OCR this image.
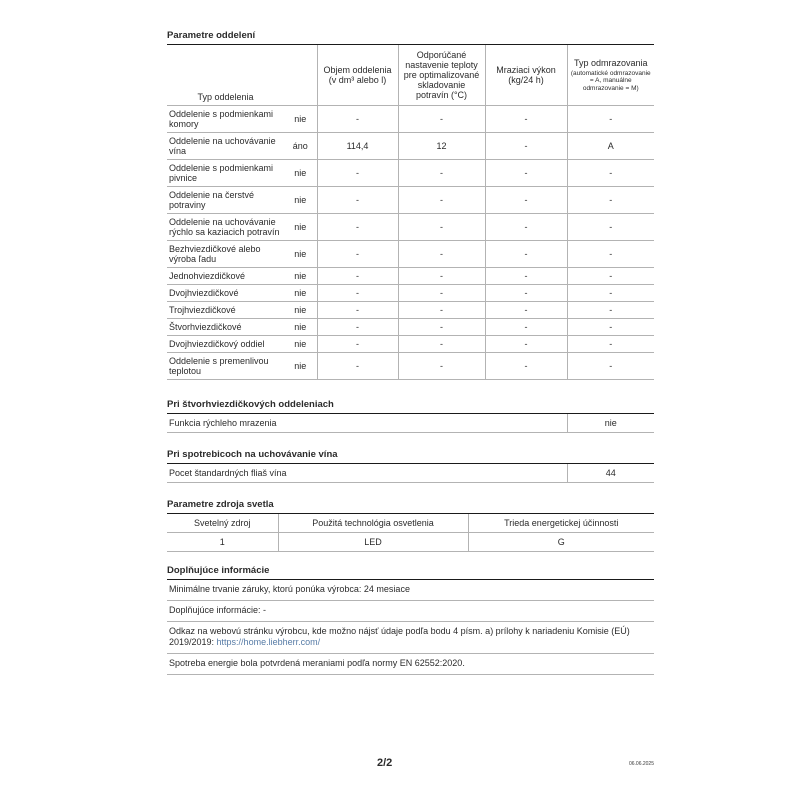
Parametre oddelení
Typ oddelenia		Objem oddelenia (v dm³ alebo l)	Odporúčané nastavenie teploty pre optimalizované skladovanie potravín (°C)	Mraziaci výkon (kg/24 h)	Typ odmrazovania
(automatické odmrazovanie = A, manuálne odmrazovanie = M)

Oddelenie s podmienkami komory	nie	-	-	-	-
Oddelenie na uchovávanie vína	áno	114,4	12	-	A
Oddelenie s podmienkami pivnice	nie	-	-	-	-
Oddelenie na čerstvé potraviny	nie	-	-	-	-
Oddelenie na uchovávanie rýchlo sa kaziacich potravín	nie	-	-	-	-
Bezhviezdičkové alebo výroba ľadu	nie	-	-	-	-
Jednohviezdičkové	nie	-	-	-	-
Dvojhviezdičkové	nie	-	-	-	-
Trojhviezdičkové	nie	-	-	-	-
Štvorhviezdičkové	nie	-	-	-	-
Dvojhviezdičkový oddiel	nie	-	-	-	-
Oddelenie s premenlivou teplotou	nie	-	-	-	-
Pri štvorhviezdičkových oddeleniach
Funkcia rýchleho mrazenia	nie
Pri spotrebicoch na uchovávanie vína
Pocet štandardných fliaš vína	44
Parametre zdroja svetla
Svetelný zdroj	Použitá technológia osvetlenia	Trieda energetickej účinnosti
1	LED	G
Doplňujúce informácie
Minimálne trvanie záruky, ktorú ponúka výrobca: 24 mesiace
Doplňujúce informácie: -
Odkaz na webovú stránku výrobcu, kde možno nájsť údaje podľa bodu 4 písm. a) prílohy k nariadeniu Komisie (EÚ) 2019/2019: https://home.liebherr.com/
Spotreba energie bola potvrdená meraniami podľa normy EN 62552:2020.
2/2	06.06.2025
